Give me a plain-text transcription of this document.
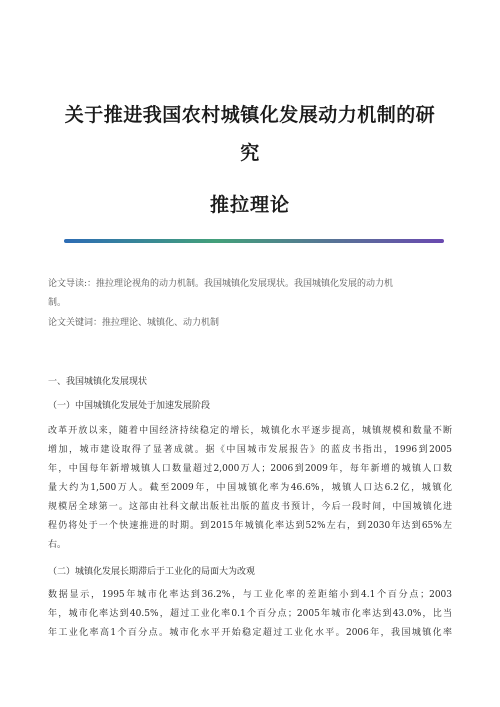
关于推进我国农村城镇化发展动力机制的研
究
推拉理论
论文导读:：推拉理论视角的动力机制。我国城镇化发展现状。我国城镇化发展的动力机
制。
论文关键词：推拉理论、城镇化、动力机制
一、我国城镇化发展现状
（一）中国城镇化发展处于加速发展阶段
改革开放以来，随着中国经济持续稳定的增长，城镇化水平逐步提高，城镇规模和数量不断
增加，城市建设取得了显著成就。据《中国城市发展报告》的蓝皮书指出，1996到2005
年，中国每年新增城镇人口数量超过2,000万人；2006到2009年，每年新增的城镇人口数
量大约为1,500万人。截至2009年，中国城镇化率为46.6%，城镇人口达6.2亿，城镇化
规模居全球第一。这部由社科文献出版社出版的蓝皮书预计，今后一段时间，中国城镇化进
程仍将处于一个快速推进的时期。到2015年城镇化率达到52%左右，到2030年达到65%左
右。
（二）城镇化发展长期滞后于工业化的局面大为改观
数据显示，1995年城市化率达到36.2%，与工业化率的差距缩小到4.1个百分点；2003
年，城市化率达到40.5%，超过工业化率0.1个百分点；2005年城市化率达到43.0%，比当
年工业化率高1个百分点。城市化水平开始稳定超过工业化水平。2006年，我国城镇化率
